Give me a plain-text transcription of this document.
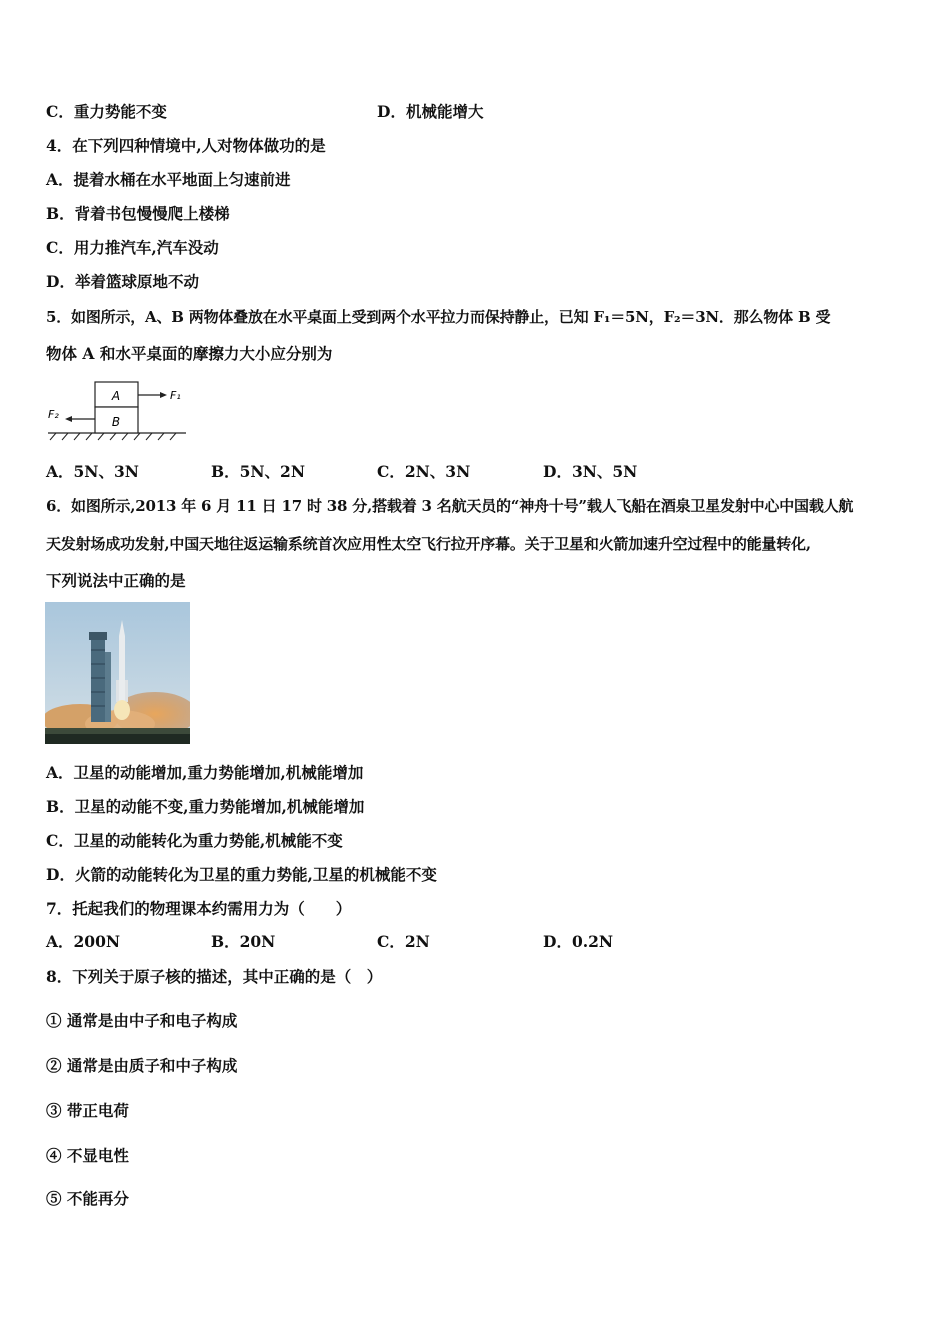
C．重力势能不变	D．机械能增大
4．在下列四种情境中,人对物体做功的是
A．提着水桶在水平地面上匀速前进
B．背着书包慢慢爬上楼梯
C．用力推汽车,汽车没动
D．举着篮球原地不动
5．如图所示，A、B 两物体叠放在水平桌面上受到两个水平拉力而保持静止，已知 F₁＝5N，F₂＝3N．那么物体 B 受
物体 A 和水平桌面的摩擦力大小应分别为
A
B
F₁
F₂
A．5N、3N	B．5N、2N	C．2N、3N	D．3N、5N
6．如图所示,2013 年 6 月 11 日 17 时 38 分,搭载着 3 名航天员的“神舟十号”载人飞船在酒泉卫星发射中心中国载人航
天发射场成功发射,中国天地往返运输系统首次应用性太空飞行拉开序幕。关于卫星和火箭加速升空过程中的能量转化,
下列说法中正确的是
A．卫星的动能增加,重力势能增加,机械能增加
B．卫星的动能不变,重力势能增加,机械能增加
C．卫星的动能转化为重力势能,机械能不变
D．火箭的动能转化为卫星的重力势能,卫星的机械能不变
7．托起我们的物理课本约需用力为（　　）
A．200N	B．20N	C．2N	D．0.2N
8．下列关于原子核的描述，其中正确的是（　）
① 通常是由中子和电子构成
② 通常是由质子和中子构成
③ 带正电荷
④ 不显电性
⑤ 不能再分
